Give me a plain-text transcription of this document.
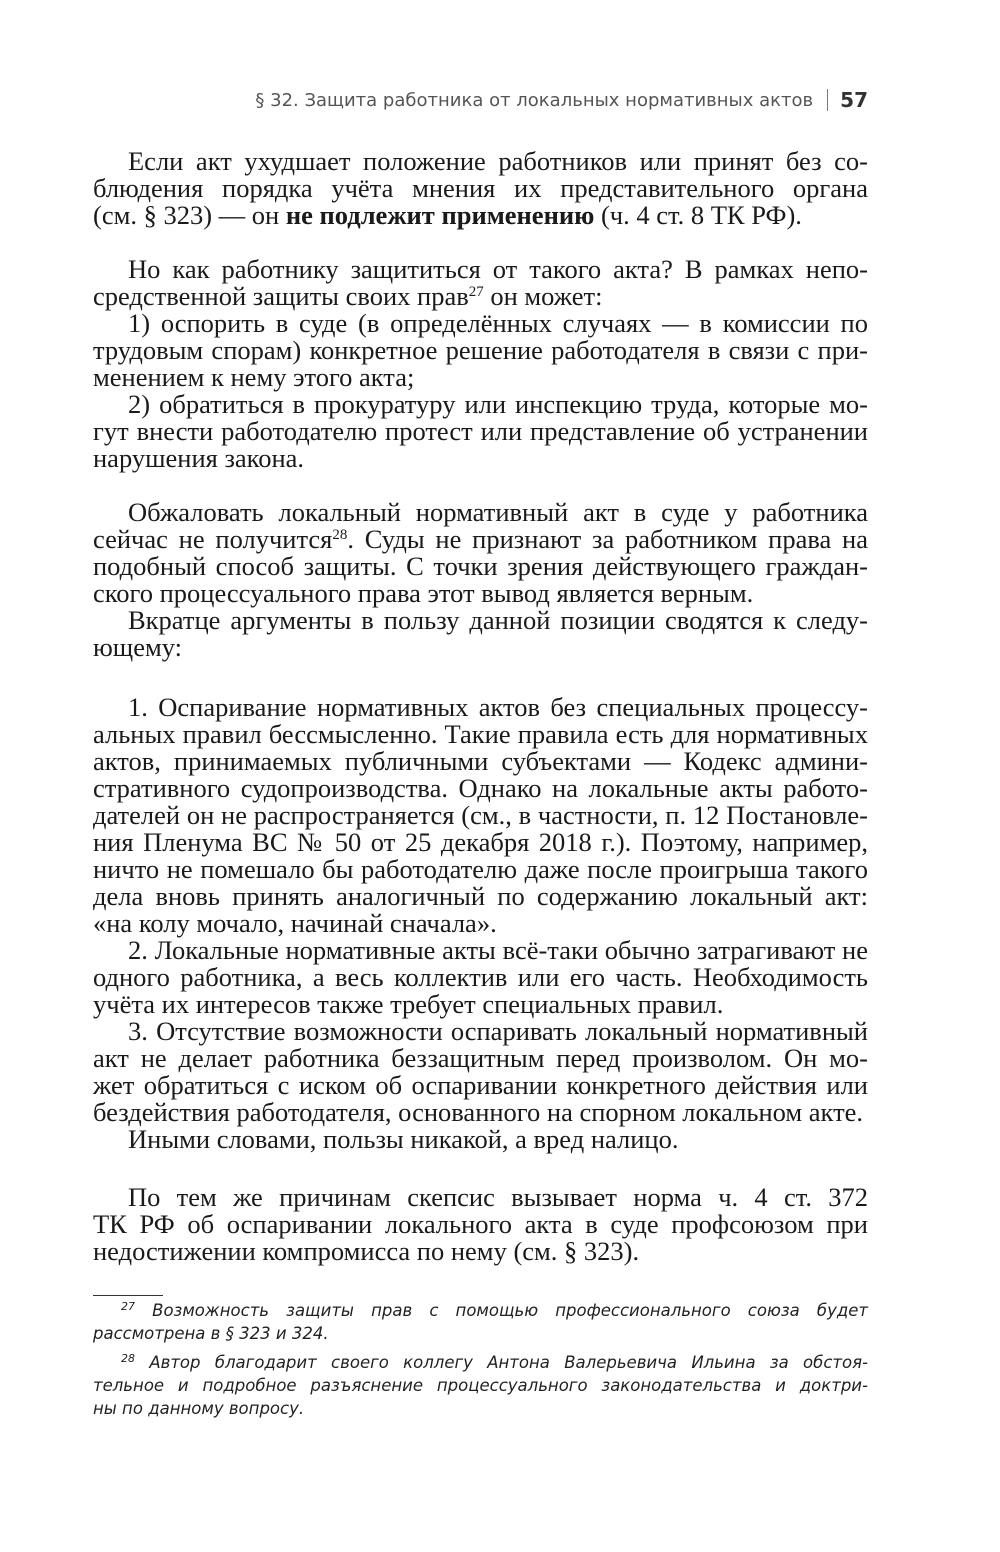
§ 32. Защита работника от локальных нормативных актов 57
Если акт ухудшает положение работников или принят без со-
блюдения порядка учёта мнения их представительного органа
(см. § 323) — он не подлежит применению (ч. 4 ст. 8 ТК РФ).
Но как работнику защититься от такого акта? В рамках непо-
средственной защиты своих прав$^{27}$ он может:
1) оспорить в суде (в определённых случаях — в комиссии по
трудовым спорам) конкретное решение работодателя в связи с при-
менением к нему этого акта;
2) обратиться в прокуратуру или инспекцию труда, которые мо-
гут внести работодателю протест или представление об устранении
нарушения закона.
Обжаловать локальный нормативный акт в суде у работника
сейчас не получится$^{28}$. Суды не признают за работником права на
подобный способ защиты. С точки зрения действующего граждан-
ского процессуального права этот вывод является верным.
Вкратце аргументы в пользу данной позиции сводятся к следу-
ющему:
1. Оспаривание нормативных актов без специальных процессу-
альных правил бессмысленно. Такие правила есть для нормативных
актов, принимаемых публичными субъектами — Кодекс админи-
стративного судопроизводства. Однако на локальные акты работо-
дателей он не распространяется (см., в частности, п. 12 Постановле-
ния Пленума ВС № 50 от 25 декабря 2018 г.). Поэтому, например,
ничто не помешало бы работодателю даже после проигрыша такого
дела вновь принять аналогичный по содержанию локальный акт:
«на колу мочало, начинай сначала».
2. Локальные нормативные акты всё-таки обычно затрагивают не
одного работника, а весь коллектив или его часть. Необходимость
учёта их интересов также требует специальных правил.
3. Отсутствие возможности оспаривать локальный нормативный
акт не делает работника беззащитным перед произволом. Он мо-
жет обратиться с иском об оспаривании конкретного действия или
бездействия работодателя, основанного на спорном локальном акте.
Иными словами, пользы никакой, а вред налицо.
По тем же причинам скепсис вызывает норма ч. 4 ст. 372
ТК РФ об оспаривании локального акта в суде профсоюзом при
недостижении компромисса по нему (см. § 323).
$^{27}$ Возможность защиты прав с помощью профессионального союза будет
рассмотрена в § 323 и 324.
$^{28}$ Автор благодарит своего коллегу Антона Валерьевича Ильина за обстоя-
тельное и подробное разъяснение процессуального законодательства и доктри-
ны по данному вопросу.
